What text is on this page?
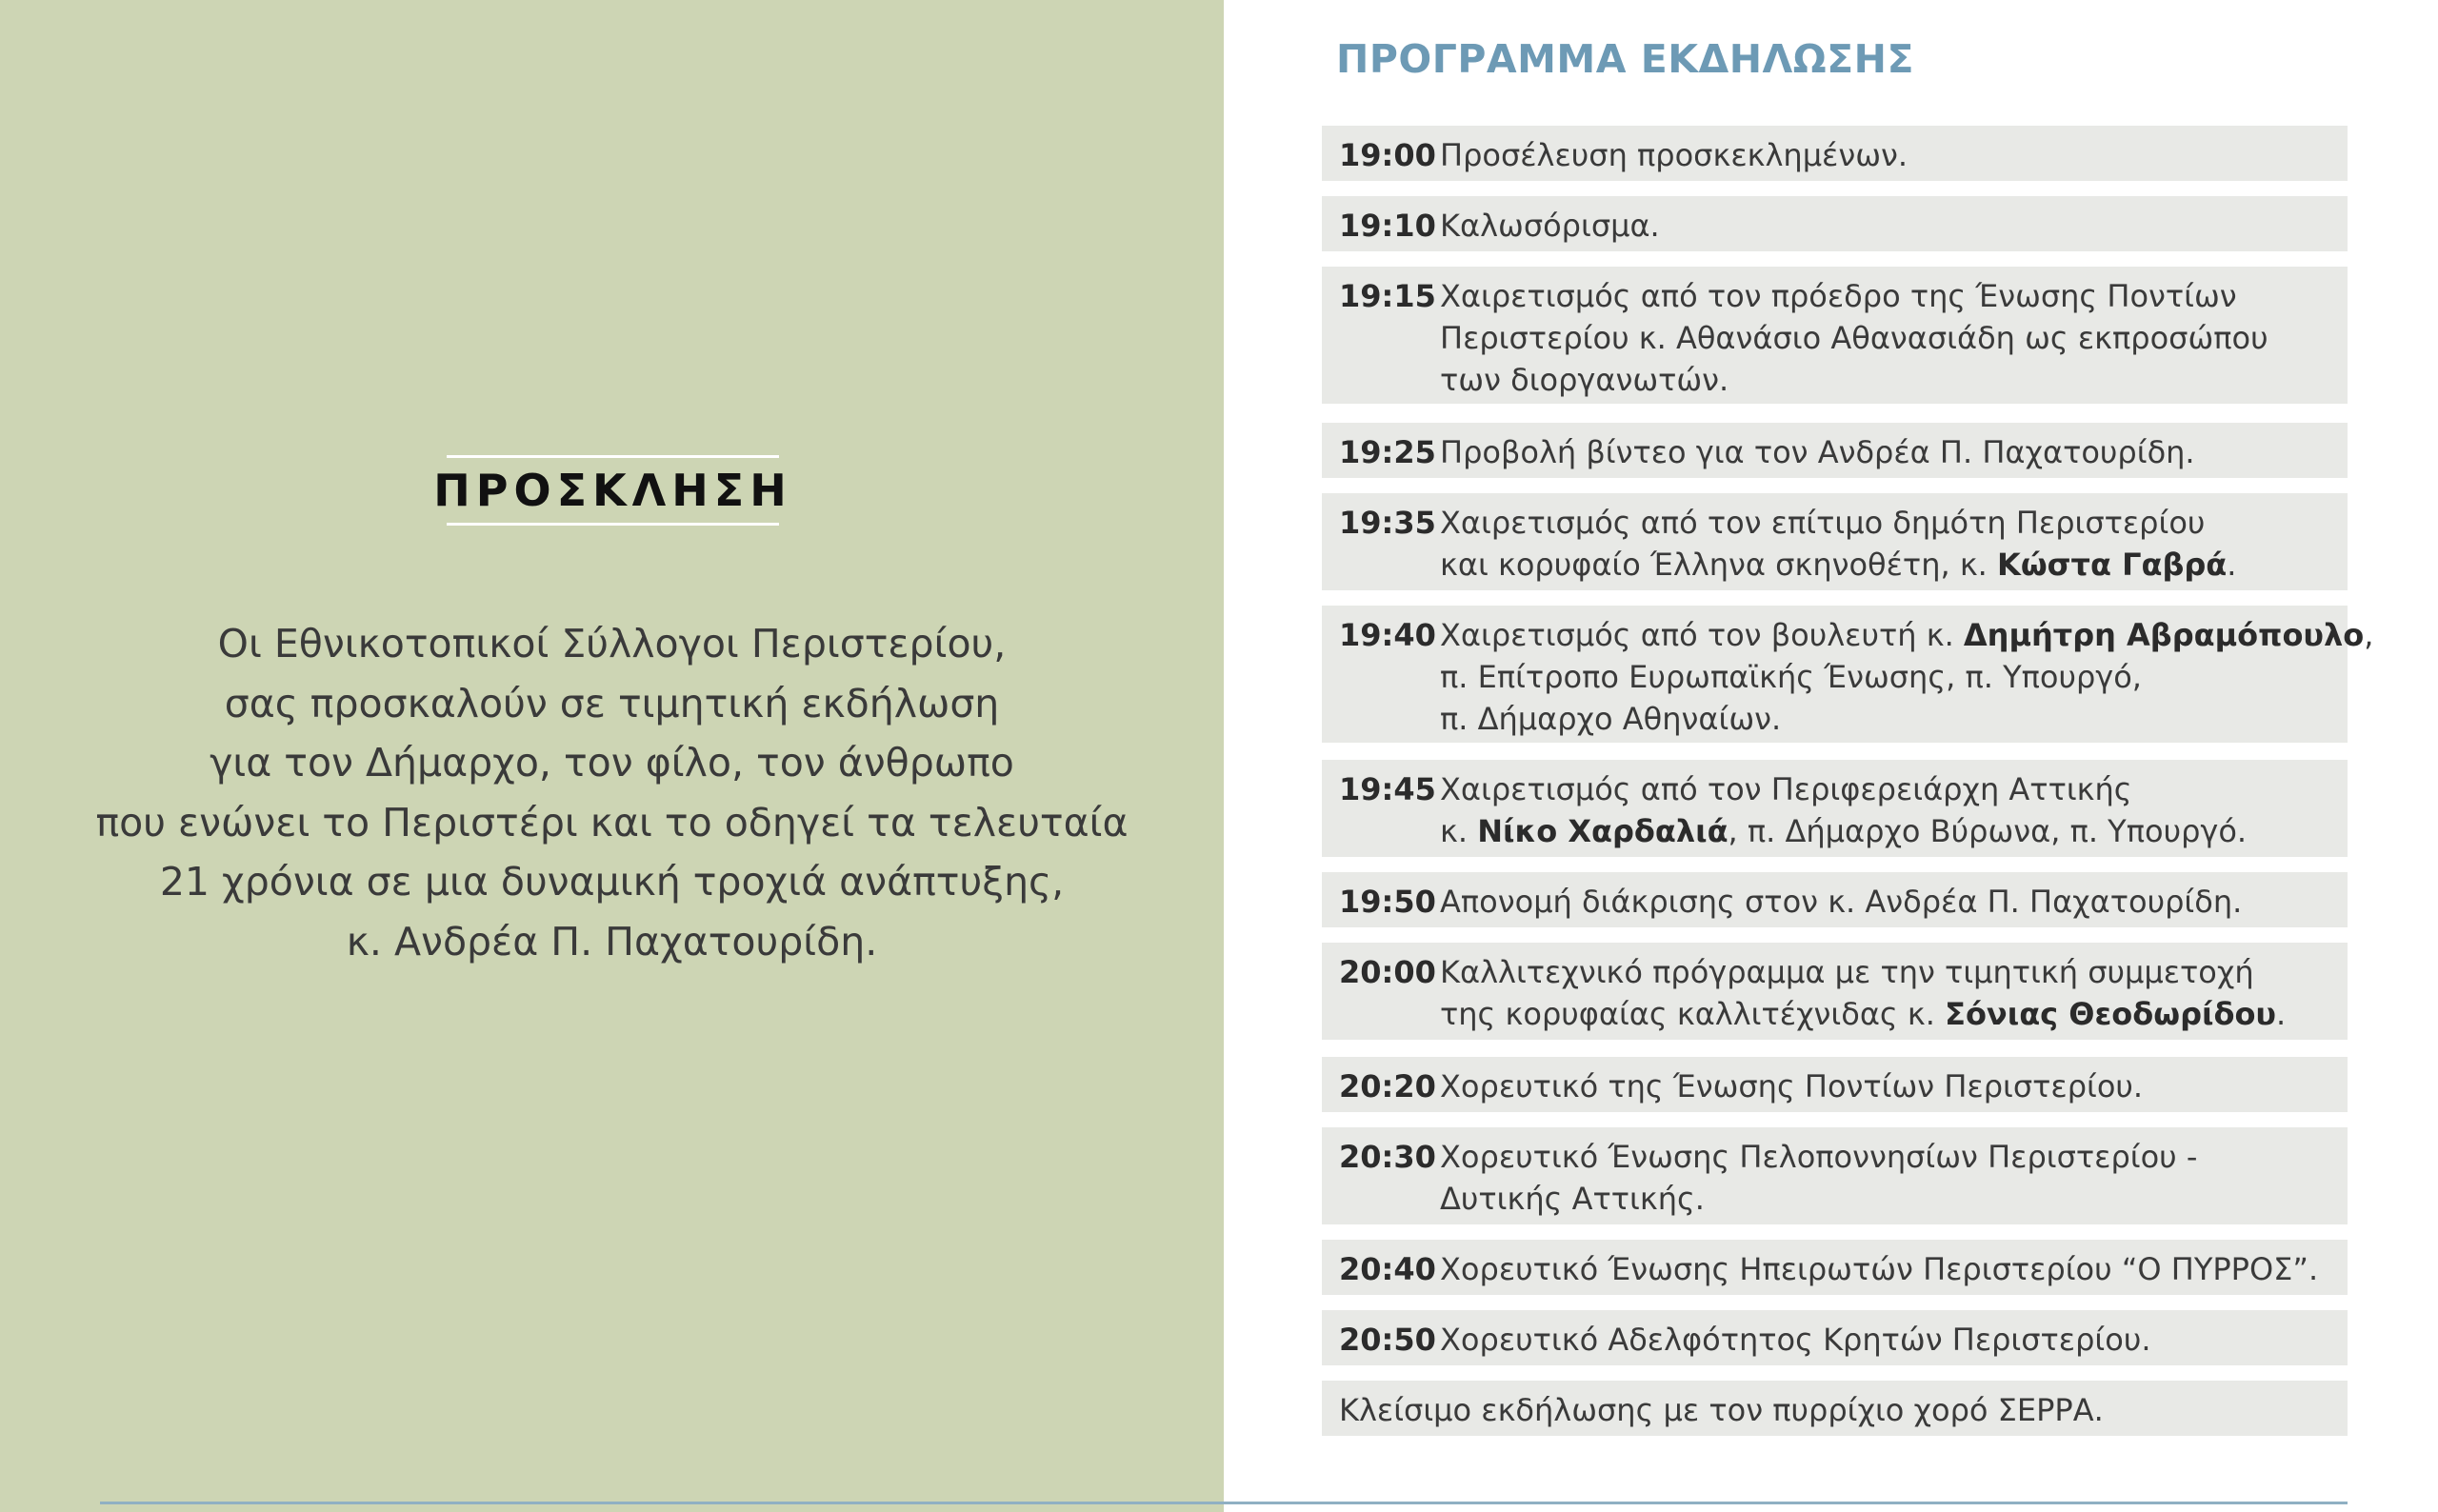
ΠΡΟΣΚΛΗΣΗ
Οι Εθνικοτοπικοί Σύλλογοι Περιστερίου,
σας προσκαλούν σε τιμητική εκδήλωση
για τον Δήμαρχο, τον φίλο, τον άνθρωπο
που ενώνει το Περιστέρι και το οδηγεί τα τελευταία
21 χρόνια σε μια δυναμική τροχιά ανάπτυξης,
κ. Ανδρέα Π. Παχατουρίδη.
ΠΡΟΓΡΑΜΜΑ ΕΚΔΗΛΩΣΗΣ
19:00 Προσέλευση προσκεκλημένων.
19:10 Καλωσόρισμα.
19:15 Χαιρετισμός από τον πρόεδρο της Ένωσης Ποντίων
Περιστερίου κ. Αθανάσιο Αθανασιάδη ως εκπροσώπου
των διοργανωτών.
19:25 Προβολή βίντεο για τον Ανδρέα Π. Παχατουρίδη.
19:35 Χαιρετισμός από τον επίτιμο δημότη Περιστερίου
και κορυφαίο Έλληνα σκηνοθέτη, κ. Κώστα Γαβρά.
19:40 Χαιρετισμός από τον βουλευτή κ. Δημήτρη Αβραμόπουλο,
π. Επίτροπο Ευρωπαϊκής Ένωσης, π. Υπουργό,
π. Δήμαρχο Αθηναίων.
19:45 Χαιρετισμός από τον Περιφερειάρχη Αττικής
κ. Νίκο Χαρδαλιά, π. Δήμαρχο Βύρωνα, π. Υπουργό.
19:50 Απονομή διάκρισης στον κ. Ανδρέα Π. Παχατουρίδη.
20:00 Καλλιτεχνικό πρόγραμμα με την τιμητική συμμετοχή
της κορυφαίας καλλιτέχνιδας κ. Σόνιας Θεοδωρίδου.
20:20 Χορευτικό της Ένωσης Ποντίων Περιστερίου.
20:30 Χορευτικό Ένωσης Πελοποννησίων Περιστερίου -
Δυτικής Αττικής.
20:40 Χορευτικό Ένωσης Ηπειρωτών Περιστερίου “Ο ΠΥΡΡΟΣ”.
20:50 Χορευτικό Αδελφότητος Κρητών Περιστερίου.
Κλείσιμο εκδήλωσης με τον πυρρίχιο χορό ΣΕΡΡΑ.
